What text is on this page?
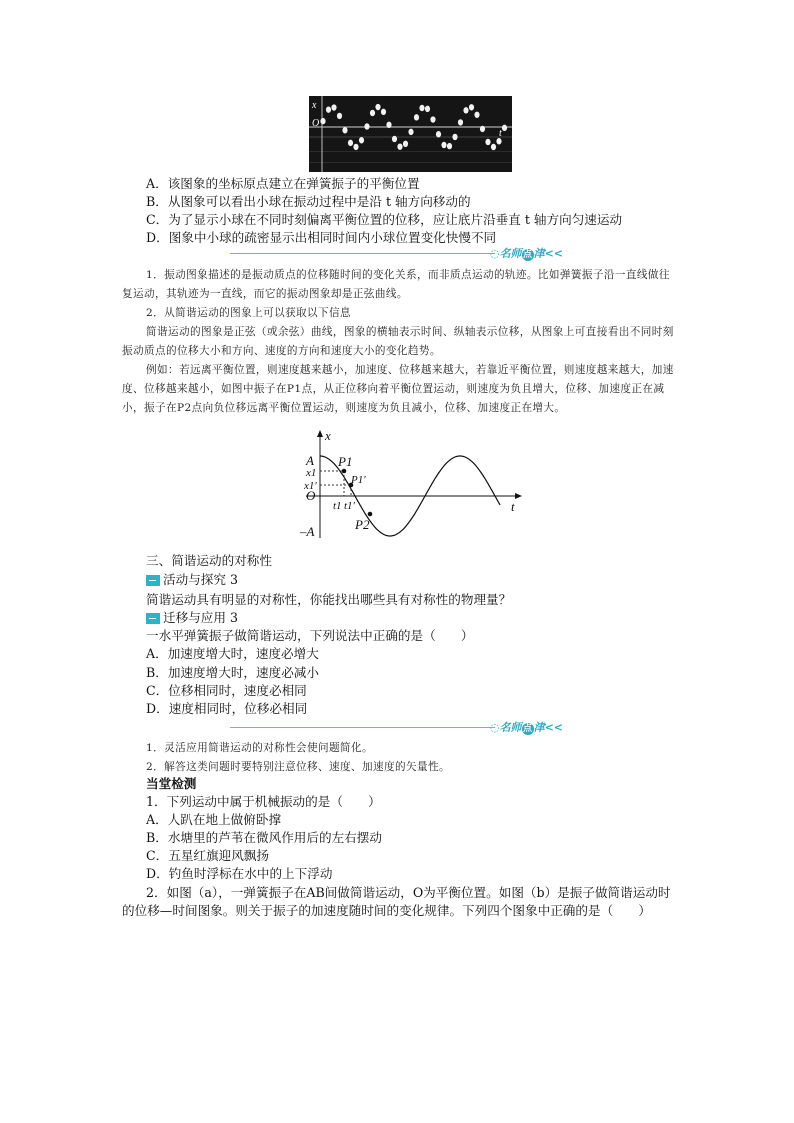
x
O
t
A．该图象的坐标原点建立在弹簧振子的平衡位置
B．从图象可以看出小球在振动过程中是沿 t 轴方向移动的
C．为了显示小球在不同时刻偏离平衡位置的位移，应让底片沿垂直 t 轴方向匀速运动
D．图象中小球的疏密显示出相同时间内小球位置变化快慢不同
◌名师点 津<<
1．振动图象描述的是振动质点的位移随时间的变化关系，而非质点运动的轨迹。比如弹簧振子沿一直线做往复运动，其轨迹为一直线，而它的振动图象却是正弦曲线。
2．从简谐运动的图象上可以获取以下信息
简谐运动的图象是正弦（或余弦）曲线，图象的横轴表示时间、纵轴表示位移，从图象上可直接看出不同时刻振动质点的位移大小和方向、速度的方向和速度大小的变化趋势。
例如：若远离平衡位置，则速度越来越小，加速度、位移越来越大，若靠近平衡位置，则速度越来越大，加速度、位移越来越小，如图中振子在P1点，从正位移向着平衡位置运动，则速度为负且增大，位移、加速度正在减小，振子在P2点向负位移远离平衡位置运动，则速度为负且减小，位移、加速度正在增大。
x
A
x1
x1′
O
–A
P1
P1′
P2
t1 t1′	t
三、简谐运动的对称性
活动与探究 3
简谐运动具有明显的对称性，你能找出哪些具有对称性的物理量？
迁移与应用 3
一水平弹簧振子做简谐运动，下列说法中正确的是（　　）
A．加速度增大时，速度必增大
B．加速度增大时，速度必减小
C．位移相同时，速度必相同
D．速度相同时，位移必相同
◌名师点 津<<
1．灵活应用简谐运动的对称性会使问题简化。
2．解答这类问题时要特别注意位移、速度、加速度的矢量性。
当堂检测
1．下列运动中属于机械振动的是（　　）
A．人趴在地上做俯卧撑
B．水塘里的芦苇在微风作用后的左右摆动
C．五星红旗迎风飘扬
D．钓鱼时浮标在水中的上下浮动
2．如图（a），一弹簧振子在AB间做简谐运动，O为平衡位置。如图（b）是振子做简谐运动时的位移—时间图象。则关于振子的加速度随时间的变化规律。下列四个图象中正确的是（　　）
